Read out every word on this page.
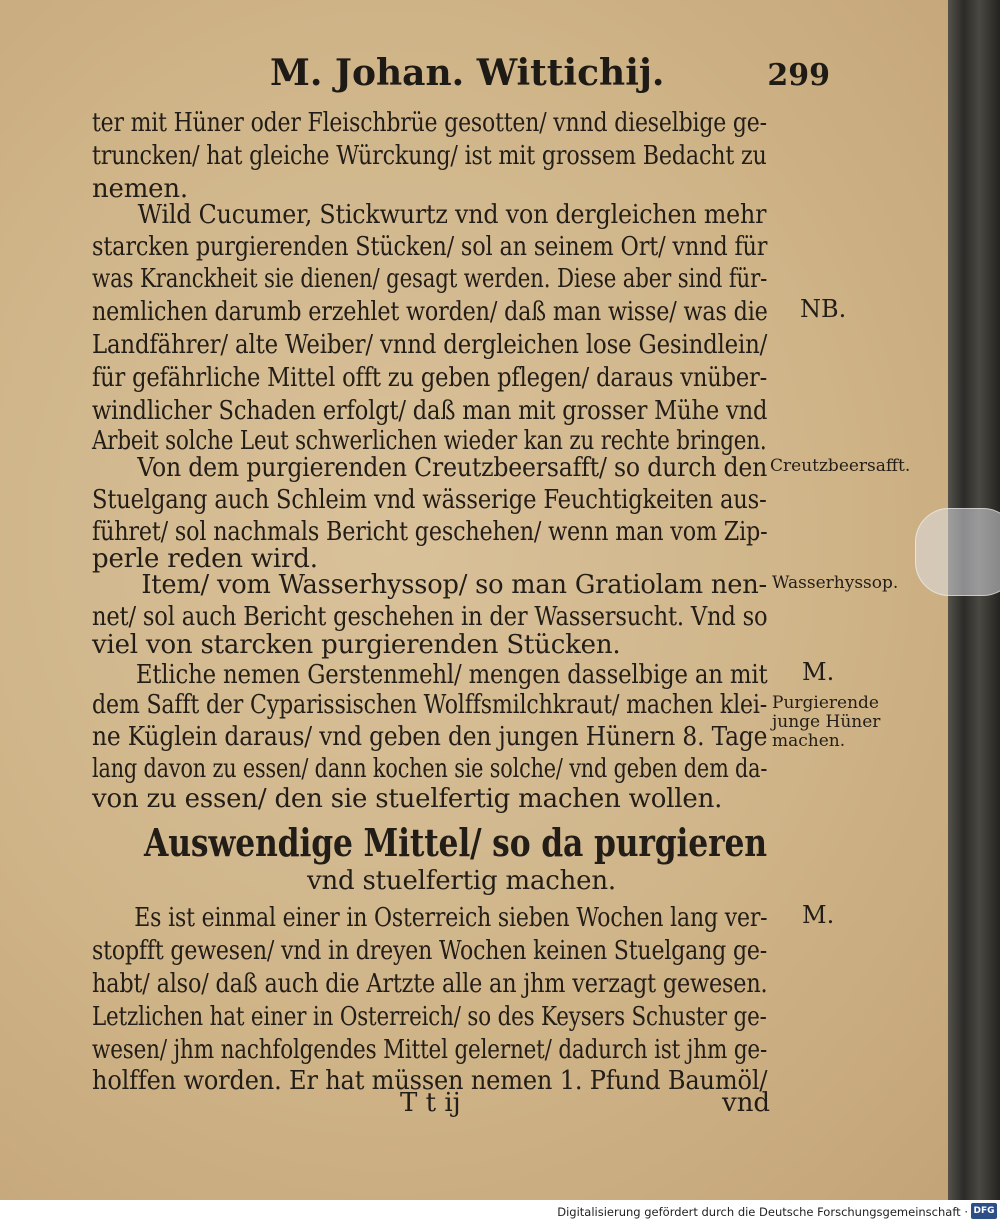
M. Johan. Wittichij.	299
ter mit Hüner oder Fleischbrüe gesotten/ vnnd dieselbige ge-
truncken/ hat gleiche Würckung/ ist mit grossem Bedacht zu
nemen.
Wild Cucumer, Stickwurtz vnd von dergleichen mehr
starcken purgierenden Stücken/ sol an seinem Ort/ vnnd für
was Kranckheit sie dienen/ gesagt werden. Diese aber sind für-
nemlichen darumb erzehlet worden/ daß man wisse/ was die
Landfährer/ alte Weiber/ vnnd dergleichen lose Gesindlein/
für gefährliche Mittel offt zu geben pflegen/ daraus vnüber-
windlicher Schaden erfolgt/ daß man mit grosser Mühe vnd
Arbeit solche Leut schwerlichen wieder kan zu rechte bringen.
Von dem purgierenden Creutzbeersafft/ so durch den
Stuelgang auch Schleim vnd wässerige Feuchtigkeiten aus-
führet/ sol nachmals Bericht geschehen/ wenn man vom Zip-
perle reden wird.
Item/ vom Wasserhyssop/ so man Gratiolam nen-
net/ sol auch Bericht geschehen in der Wassersucht. Vnd so
viel von starcken purgierenden Stücken.
Etliche nemen Gerstenmehl/ mengen dasselbige an mit
dem Safft der Cyparissischen Wolffsmilchkraut/ machen klei-
ne Küglein daraus/ vnd geben den jungen Hünern 8. Tage
lang davon zu essen/ dann kochen sie solche/ vnd geben dem da-
von zu essen/ den sie stuelfertig machen wollen.
Auswendige Mittel/ so da purgieren
vnd stuelfertig machen.
Es ist einmal einer in Osterreich sieben Wochen lang ver-
stopfft gewesen/ vnd in dreyen Wochen keinen Stuelgang ge-
habt/ also/ daß auch die Artzte alle an jhm verzagt gewesen.
Letzlichen hat einer in Osterreich/ so des Keysers Schuster ge-
wesen/ jhm nachfolgendes Mittel gelernet/ dadurch ist jhm ge-
holffen worden. Er hat müssen nemen 1. Pfund Baumöl/
T t ij	vnd
NB.
Creutzbeersafft.
Wasserhyssop.
M.
Purgierende
junge Hüner
machen.
M.
Digitalisierung gefördert durch die Deutsche Forschungsgemeinschaft · DFG
